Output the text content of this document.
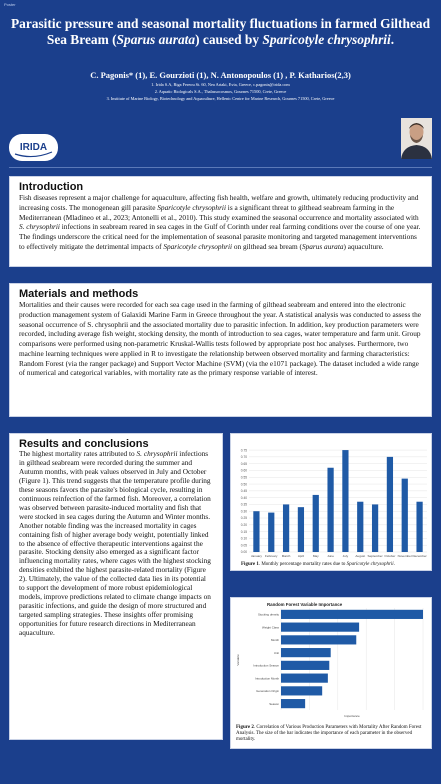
Poster
Parasitic pressure and seasonal mortality fluctuations in farmed Gilthead Sea Bream (Sparus aurata) caused by Sparicotyle chrysophrii.
C. Pagonis* (1), E. Gourzioti (1), N. Antonopoulos (1) , P. Katharios(2,3)
1. Irida S.A, Riga Fereou St. 60, Nea Artaki, Evia, Greece, c.pagonis@irida.com
2. Aquatic Biologicals S.A., Thalassocosmos, Gournes 71500, Crete, Greece
3. Institute of Marine Biology, Biotechnology and Aquaculture, Hellenic Centre for Marine Research, Gournes 71500, Crete, Greece
IRIDA
Introduction

Fish diseases represent a major challenge for aquaculture, affecting fish health, welfare and growth, ultimately reducing productivity and increasing costs. The monogenean gill parasite Sparicotyle chrysophrii is a significant threat to gilthead seabream farming in the Mediterranean (Mladineo et al., 2023; Antonelli et al., 2010). This study examined the seasonal occurrence and mortality associated with S. chrysophrii infections in seabream reared in sea cages in the Gulf of Corinth under real farming conditions over the course of one year. The findings underscore the critical need for the implementation of seasonal parasite monitoring and targeted management interventions to effectively mitigate the detrimental impacts of Sparicotyle chrysophrii on gilthead sea bream (Sparus aurata) aquaculture.

Materials and methods

Mortalities and their causes were recorded for each sea cage used in the farming of gilthead seabream and entered into the electronic production management system of Galaxidi Marine Farm in Greece throughout the year. A statistical analysis was conducted to assess the seasonal occurrence of S. chrysophrii and the associated mortality due to parasitic infection. In addition, key production parameters were recorded, including average fish weight, stocking density, the month of introduction to sea cages, water temperature and farm unit. Group comparisons were performed using non-parametric Kruskal-Wallis tests followed by appropriate post hoc analyses. Furthermore, two machine learning techniques were applied in R to investigate the relationship between observed mortality and farming characteristics: Random Forest (via the ranger package) and Support Vector Machine (SVM) (via the e1071 package). The dataset included a wide range of numerical and categorical variables, with mortality rate as the primary response variable of interest.

Results and conclusions

The highest mortality rates attributed to S. chrysophrii infections in gilthead seabream were recorded during the summer and Autumn months, with peak values observed in July and October (Figure 1). This trend suggests that the temperature profile during these seasons favors the parasite's biological cycle, resulting in continuous reinfection of the farmed fish. Moreover, a correlation was observed between parasite-induced mortality and fish that were stocked in sea cages during the Autumn and Winter months. Another notable finding was the increased mortality in cages containing fish of higher average body weight, potentially linked to the absence of effective therapeutic interventions against the parasite. Stocking density also emerged as a significant factor influencing mortality rates, where cages with the highest stocking densities exhibited the highest parasite-related mortality (Figure 2). Ultimately, the value of the collected data lies in its potential to support the development of more robust epidemiological models, improve predictions related to climate change impacts on parasitic infections, and guide the design of more structured and targeted sampling strategies. These insights offer promising opportunities for future research directions in Mediterranean aquaculture.

0.00
0.05
0.10
0.15
0.20
0.25
0.30
0.35
0.40
0.45
0.50
0.55
0.60
0.65
0.70
0.75
January February March April	May	June	July August September October November December
Figure 1. Monthly percentage mortality rates due to Sparicotyle chrysophrii.
Random Forest Variable Importance
Stocking density
Weight Class
Month
Unit
Introduction Season
Introduction Month
Generation Origin
Season
Importance
Variable
Figure 2. Correlation of Various Production Parameters with Mortality After Random Forest Analysis. The size of the bar indicates the importance of each parameter in the observed mortality.
